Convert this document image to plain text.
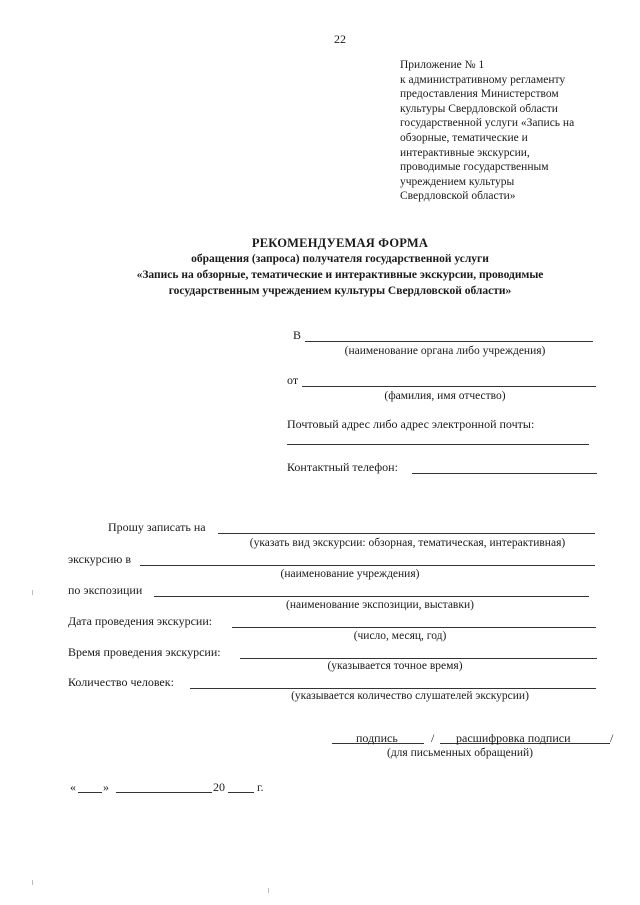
22
Приложение № 1
к административному регламенту
предоставления Министерством
культуры Свердловской области
государственной услуги «Запись на
обзорные, тематические и
интерактивные экскурсии,
проводимые государственным
учреждением культуры
Свердловской области»
РЕКОМЕНДУЕМАЯ ФОРМА
обращения (запроса) получателя государственной услуги
«Запись на обзорные, тематические и интерактивные экскурсии, проводимые
государственным учреждением культуры Свердловской области»
В
(наименование органа либо учреждения)
от
(фамилия, имя отчество)
Почтовый адрес либо адрес электронной почты:
Контактный телефон:
Прошу записать на
(указать вид экскурсии: обзорная, тематическая, интерактивная)
экскурсию в
(наименование учреждения)
по экспозиции
(наименование экспозиции, выставки)
Дата проведения экскурсии:
(число, месяц, год)
Время проведения экскурсии:
(указывается точное время)
Количество человек:
(указывается количество слушателей экскурсии)
подпись	/ расшифровка подписи	/
(для письменных обращений)
« »	20	г.
